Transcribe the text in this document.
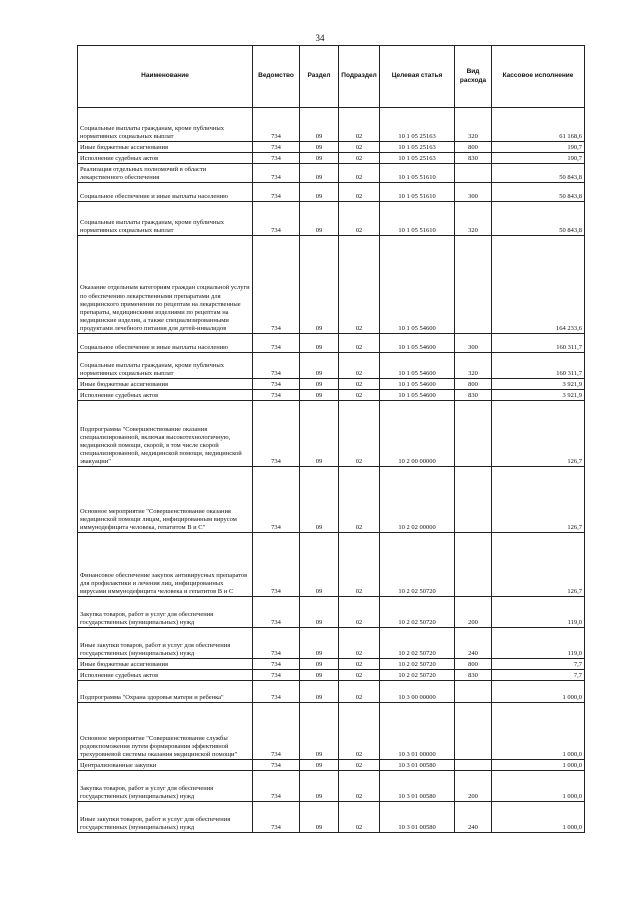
34
Наименование	Ведомство	Раздел	Подраздел	Целевая статья	Вид расхода	Кассовое исполнение
Социальные выплаты гражданам, кроме публичных нормативных социальных выплат	734	09	02	10 1 05 25163	320	61 168,6
Иные бюджетные ассигнования	734	09	02	10 1 05 25163	800	190,7
Исполнение судебных актов	734	09	02	10 1 05 25163	830	190,7
Реализация отдельных полномочий в области лекарственного обеспечения	734	09	02	10 1 05 51610		50 843,8
Социальное обеспечение и иные выплаты населению	734	09	02	10 1 05 51610	300	50 843,8
Социальные выплаты гражданам, кроме публичных нормативных социальных выплат	734	09	02	10 1 05 51610	320	50 843,8
Оказание отдельным категориям граждан социальной услуги по обеспечению лекарственными препаратами для медицинского применения по рецептам на лекарственные препараты, медицинскими изделиями по рецептам на медицинские изделия, а также специализированными продуктами лечебного питания для детей-инвалидов	734	09	02	10 1 05 54600		164 233,6
Социальное обеспечение и иные выплаты населению	734	09	02	10 1 05 54600	300	160 311,7
Социальные выплаты гражданам, кроме публичных нормативных социальных выплат	734	09	02	10 1 05 54600	320	160 311,7
Иные бюджетные ассигнования	734	09	02	10 1 05 54600	800	3 921,9
Исполнение судебных актов	734	09	02	10 1 05 54600	830	3 921,9
Подпрограмма "Совершенствование оказания специализированной, включая высокотехнологичную, медицинской помощи, скорой, в том числе скорой специализированной, медицинской помощи, медицинской эвакуации"	734	09	02	10 2 00 00000		126,7
Основное мероприятие "Совершенствование оказания медицинской помощи лицам, инфицированным вирусом иммунодефицита человека, гепатитом В и С"	734	09	02	10 2 02 00000		126,7
Финансовое обеспечение закупок антивирусных препаратов для профилактики и лечения лиц, инфицированных вирусами иммунодефицита человека и гепатитов В и С	734	09	02	10 2 02 50720		126,7
Закупка товаров, работ и услуг для обеспечения государственных (муниципальных) нужд	734	09	02	10 2 02 50720	200	119,0
Иные закупки товаров, работ и услуг для обеспечения государственных (муниципальных) нужд	734	09	02	10 2 02 50720	240	119,0
Иные бюджетные ассигнования	734	09	02	10 2 02 50720	800	7,7
Исполнение судебных актов	734	09	02	10 2 02 50720	830	7,7
Подпрограмма "Охрана здоровья матери и ребенка"	734	09	02	10 3 00 00000		1 000,0
Основное мероприятие "Совершенствование службы родовспоможения путем формирования эффективной трехуровневой системы оказания медицинской помощи"	734	09	02	10 3 01 00000		1 000,0
Централизованные закупки	734	09	02	10 3 01 00580		1 000,0
Закупка товаров, работ и услуг для обеспечения государственных (муниципальных) нужд	734	09	02	10 3 01 00580	200	1 000,0
Иные закупки товаров, работ и услуг для обеспечения государственных (муниципальных) нужд	734	09	02	10 3 01 00580	240	1 000,0
